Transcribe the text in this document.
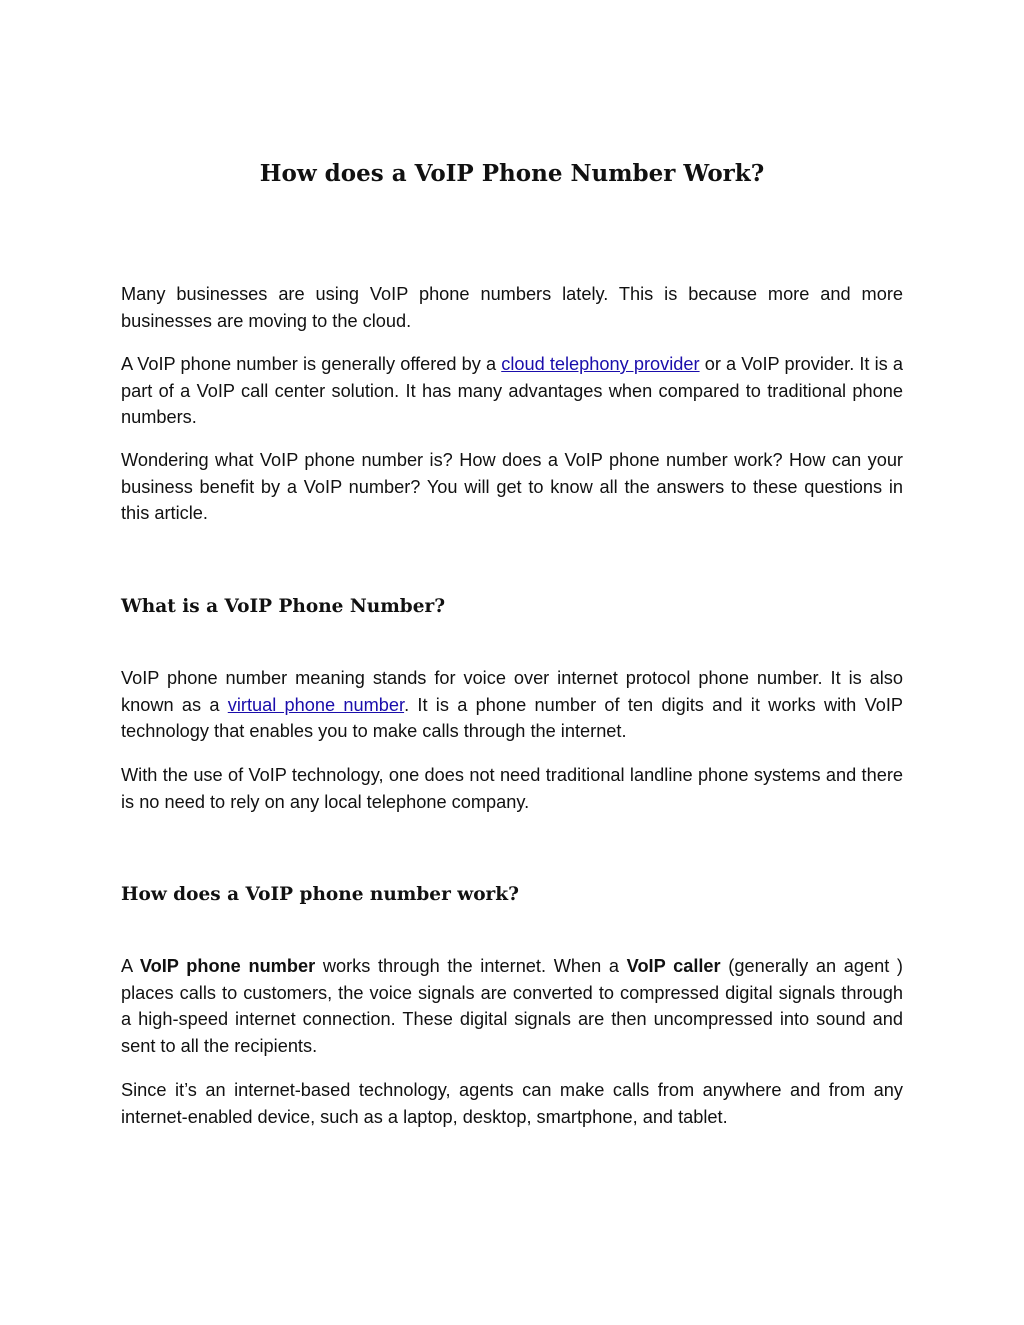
How does a VoIP Phone Number Work?

Many businesses are using VoIP phone numbers lately. This is because more and more businesses are moving to the cloud.

A VoIP phone number is generally offered by a cloud telephony provider or a VoIP provider. It is a part of a VoIP call center solution. It has many advantages when compared to traditional phone numbers.

Wondering what VoIP phone number is? How does a VoIP phone number work? How can your business benefit by a VoIP number? You will get to know all the answers to these questions in this article.

What is a VoIP Phone Number?

VoIP phone number meaning stands for voice over internet protocol phone number. It is also known as a virtual phone number. It is a phone number of ten digits and it works with VoIP technology that enables you to make calls through the internet.

With the use of VoIP technology, one does not need traditional landline phone systems and there is no need to rely on any local telephone company.

How does a VoIP phone number work?

A VoIP phone number works through the internet. When a VoIP caller (generally an agent ) places calls to customers, the voice signals are converted to compressed digital signals through a high-speed internet connection. These digital signals are then uncompressed into sound and sent to all the recipients.

Since it’s an internet-based technology, agents can make calls from anywhere and from any internet-enabled device, such as a laptop, desktop, smartphone, and tablet.
